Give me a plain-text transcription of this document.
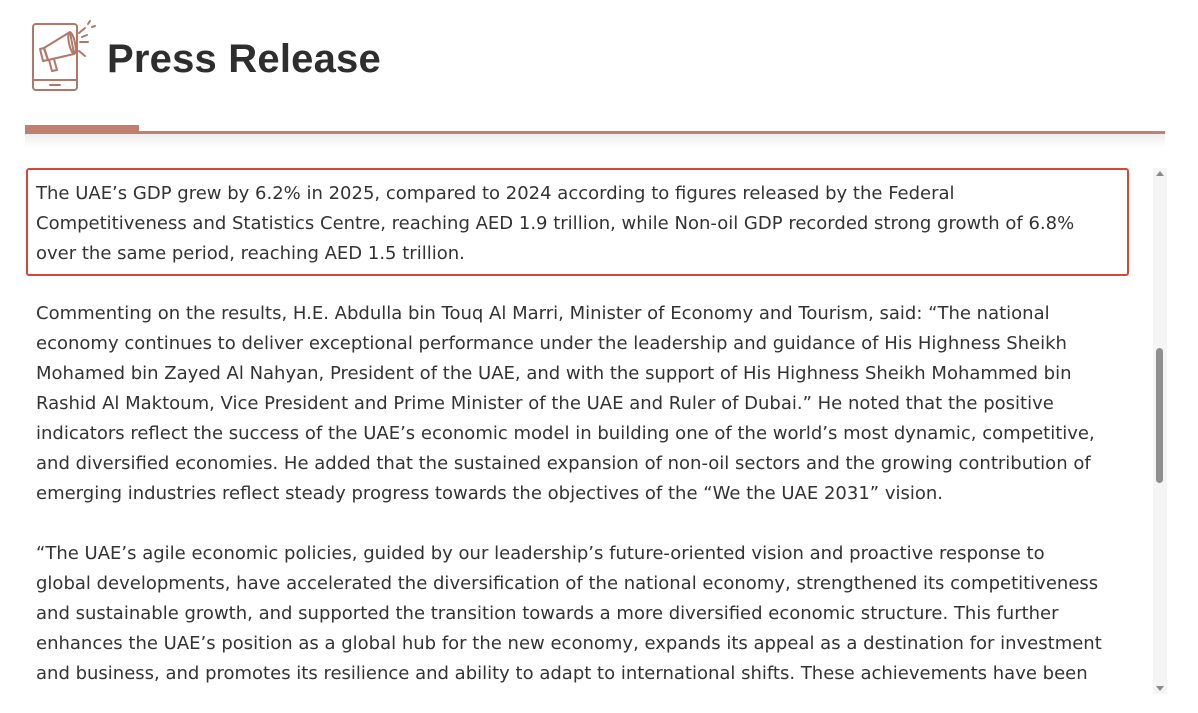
Press Release

The UAE’s GDP grew by 6.2% in 2025, compared to 2024 according to figures released by the Federal
Competitiveness and Statistics Centre, reaching AED 1.9 trillion, while Non-oil GDP recorded strong growth of 6.8%
over the same period, reaching AED 1.5 trillion.

Commenting on the results, H.E. Abdulla bin Touq Al Marri, Minister of Economy and Tourism, said: “The national
economy continues to deliver exceptional performance under the leadership and guidance of His Highness Sheikh
Mohamed bin Zayed Al Nahyan, President of the UAE, and with the support of His Highness Sheikh Mohammed bin
Rashid Al Maktoum, Vice President and Prime Minister of the UAE and Ruler of Dubai.” He noted that the positive
indicators reflect the success of the UAE’s economic model in building one of the world’s most dynamic, competitive,
and diversified economies. He added that the sustained expansion of non-oil sectors and the growing contribution of
emerging industries reflect steady progress towards the objectives of the “We the UAE 2031” vision.

“The UAE’s agile economic policies, guided by our leadership’s future-oriented vision and proactive response to
global developments, have accelerated the diversification of the national economy, strengthened its competitiveness
and sustainable growth, and supported the transition towards a more diversified economic structure. This further
enhances the UAE’s position as a global hub for the new economy, expands its appeal as a destination for investment
and business, and promotes its resilience and ability to adapt to international shifts. These achievements have been
